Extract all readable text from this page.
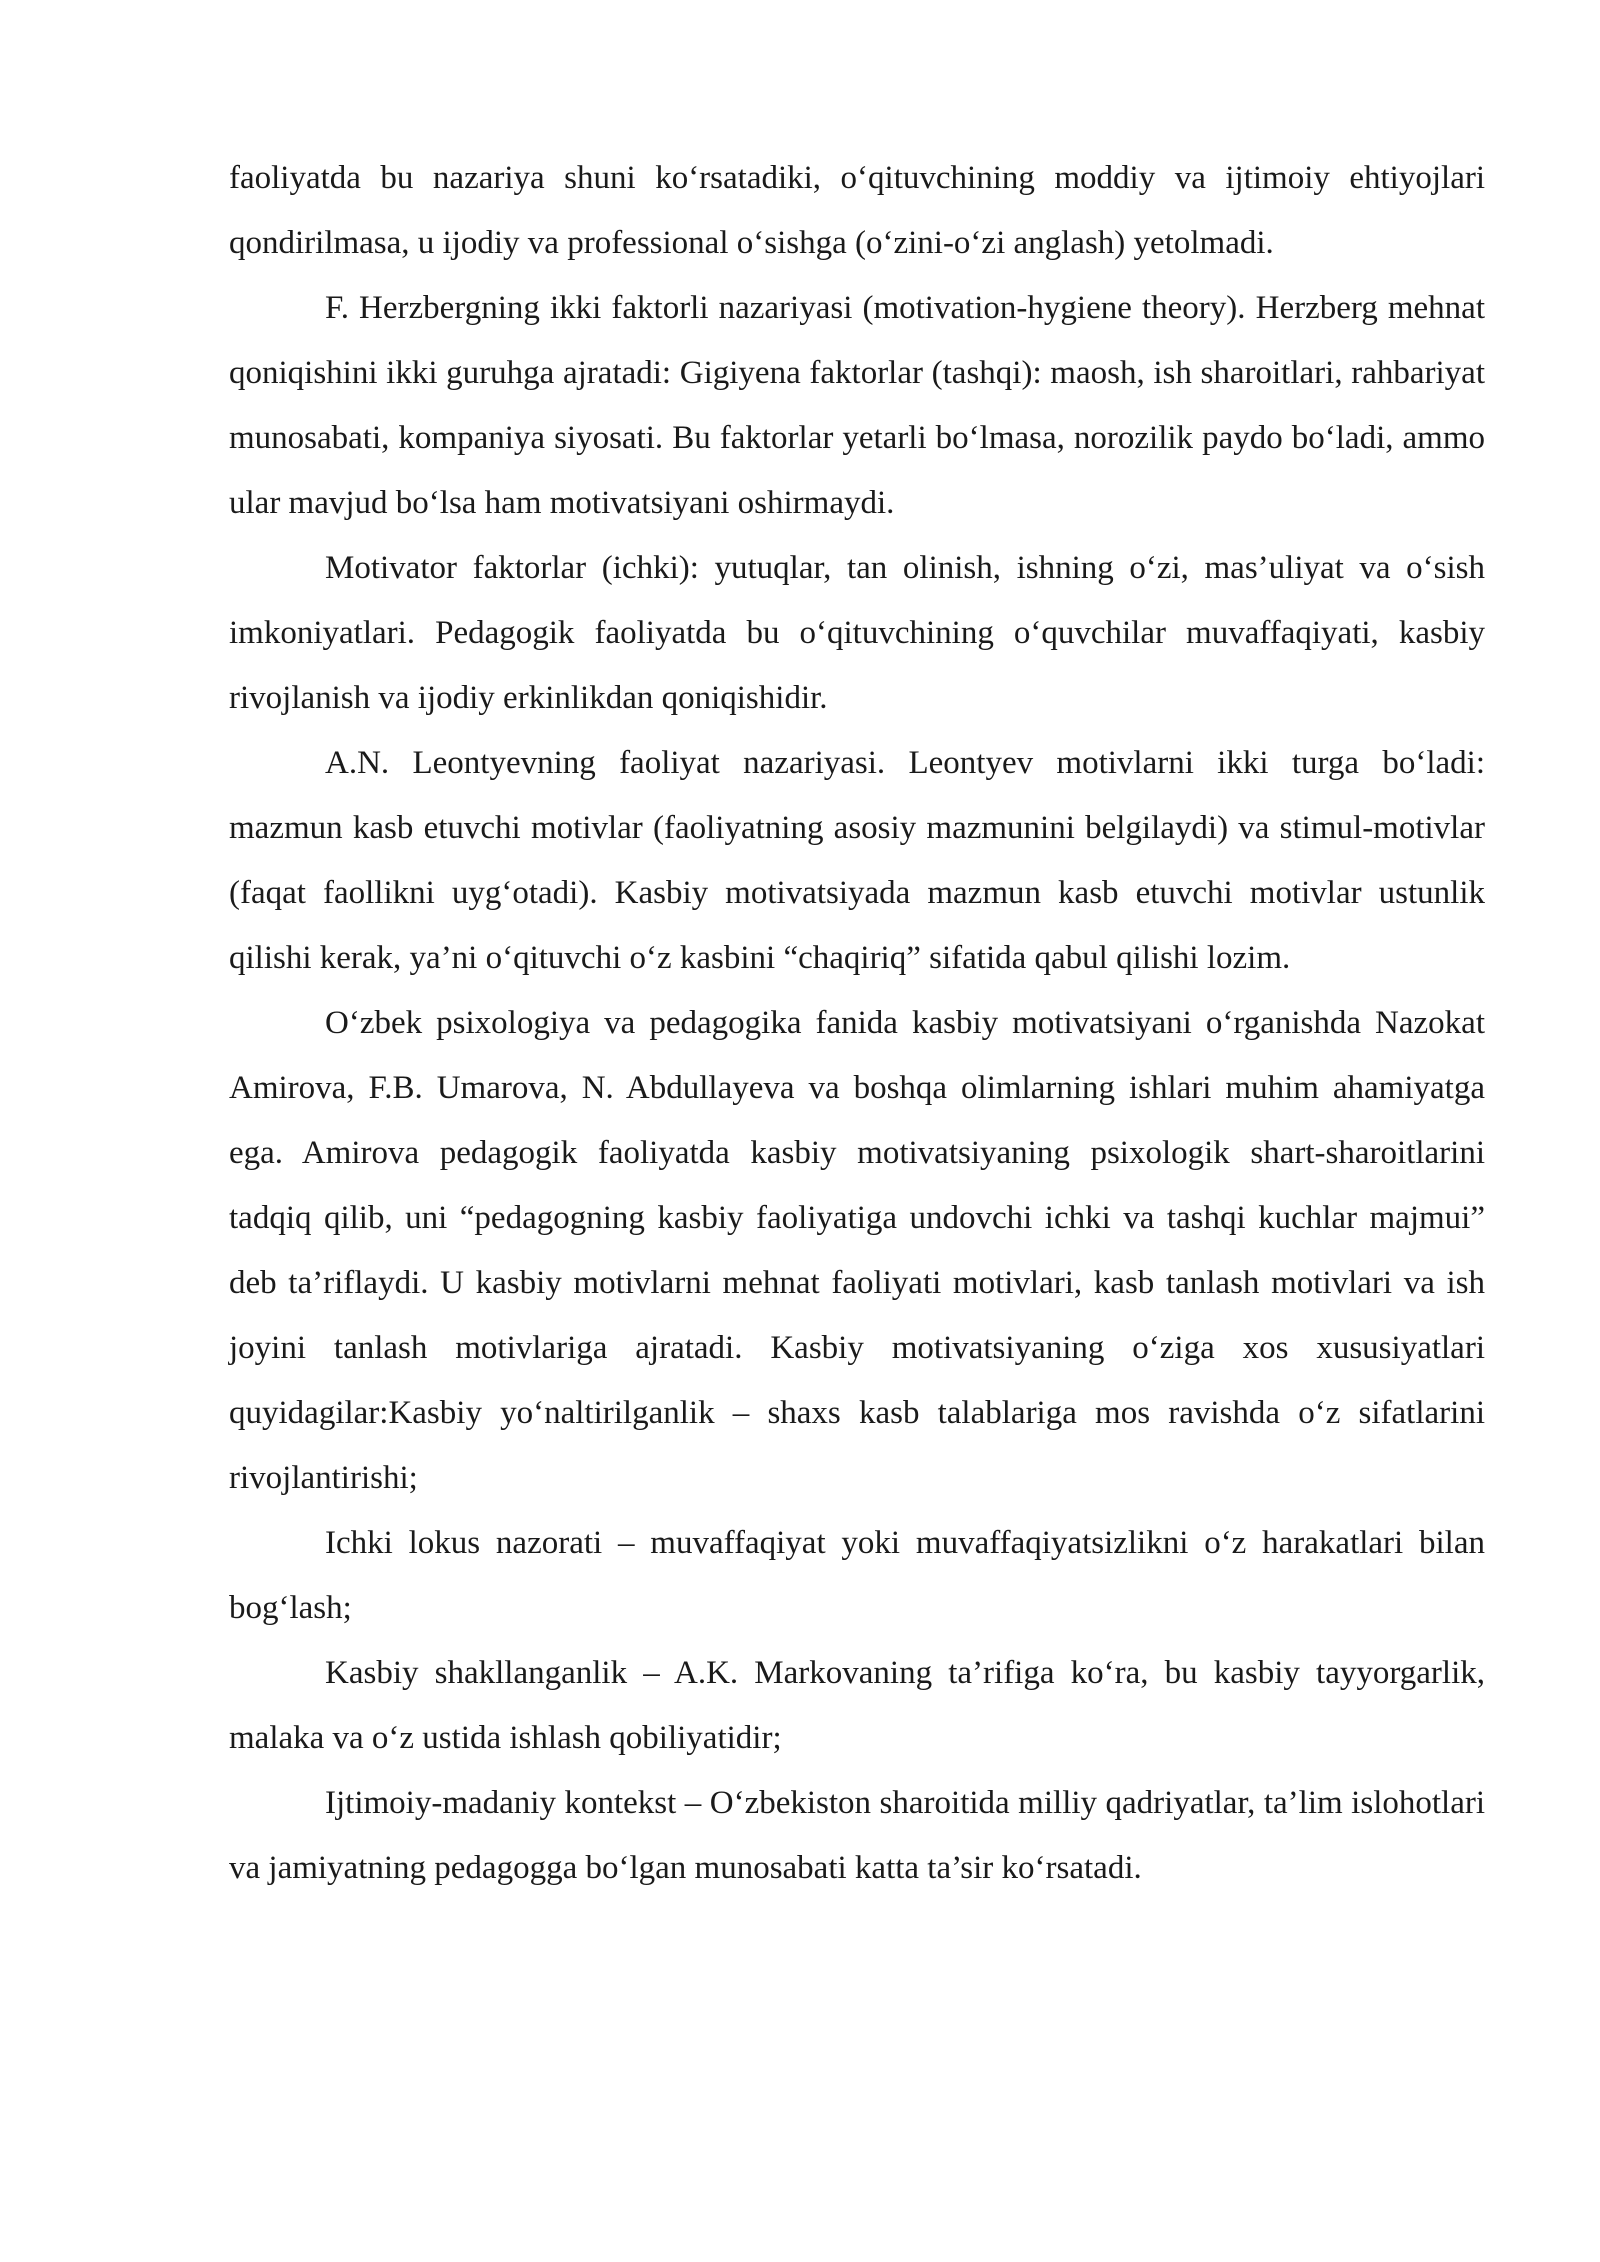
faoliyatda bu nazariya shuni ko‘rsatadiki, o‘qituvchining moddiy va ijtimoiy ehtiyojlari qondirilmasa, u ijodiy va professional o‘sishga (o‘zini-o‘zi anglash) yetolmadi.

F. Herzbergning ikki faktorli nazariyasi (motivation-hygiene theory). Herzberg mehnat qoniqishini ikki guruhga ajratadi: Gigiyena faktorlar (tashqi): maosh, ish sharoitlari, rahbariyat munosabati, kompaniya siyosati. Bu faktorlar yetarli bo‘lmasa, norozilik paydo bo‘ladi, ammo ular mavjud bo‘lsa ham motivatsiyani oshirmaydi.

Motivator faktorlar (ichki): yutuqlar, tan olinish, ishning o‘zi, mas’uliyat va o‘sish imkoniyatlari. Pedagogik faoliyatda bu o‘qituvchining o‘quvchilar muvaffaqiyati, kasbiy rivojlanish va ijodiy erkinlikdan qoniqishidir.

A.N. Leontyevning faoliyat nazariyasi. Leontyev motivlarni ikki turga bo‘ladi: mazmun kasb etuvchi motivlar (faoliyatning asosiy mazmunini belgilaydi) va stimul-motivlar (faqat faollikni uyg‘otadi). Kasbiy motivatsiyada mazmun kasb etuvchi motivlar ustunlik qilishi kerak, ya’ni o‘qituvchi o‘z kasbini “chaqiriq” sifatida qabul qilishi lozim.

O‘zbek psixologiya va pedagogika fanida kasbiy motivatsiyani o‘rganishda Nazokat Amirova, F.B. Umarova, N. Abdullayeva va boshqa olimlarning ishlari muhim ahamiyatga ega. Amirova pedagogik faoliyatda kasbiy motivatsiyaning psixologik shart-sharoitlarini tadqiq qilib, uni “pedagogning kasbiy faoliyatiga undovchi ichki va tashqi kuchlar majmui” deb ta’riflaydi. U kasbiy motivlarni mehnat faoliyati motivlari, kasb tanlash motivlari va ish joyini tanlash motivlariga ajratadi. Kasbiy motivatsiyaning o‘ziga xos xususiyatlari quyidagilar:Kasbiy yo‘naltirilganlik – shaxs kasb talablariga mos ravishda o‘z sifatlarini rivojlantirishi;

Ichki lokus nazorati – muvaffaqiyat yoki muvaffaqiyatsizlikni o‘z harakatlari bilan bog‘lash;

Kasbiy shakllanganlik – A.K. Markovaning ta’rifiga ko‘ra, bu kasbiy tayyorgarlik, malaka va o‘z ustida ishlash qobiliyatidir;

Ijtimoiy-madaniy kontekst – O‘zbekiston sharoitida milliy qadriyatlar, ta’lim islohotlari va jamiyatning pedagogga bo‘lgan munosabati katta ta’sir ko‘rsatadi.
